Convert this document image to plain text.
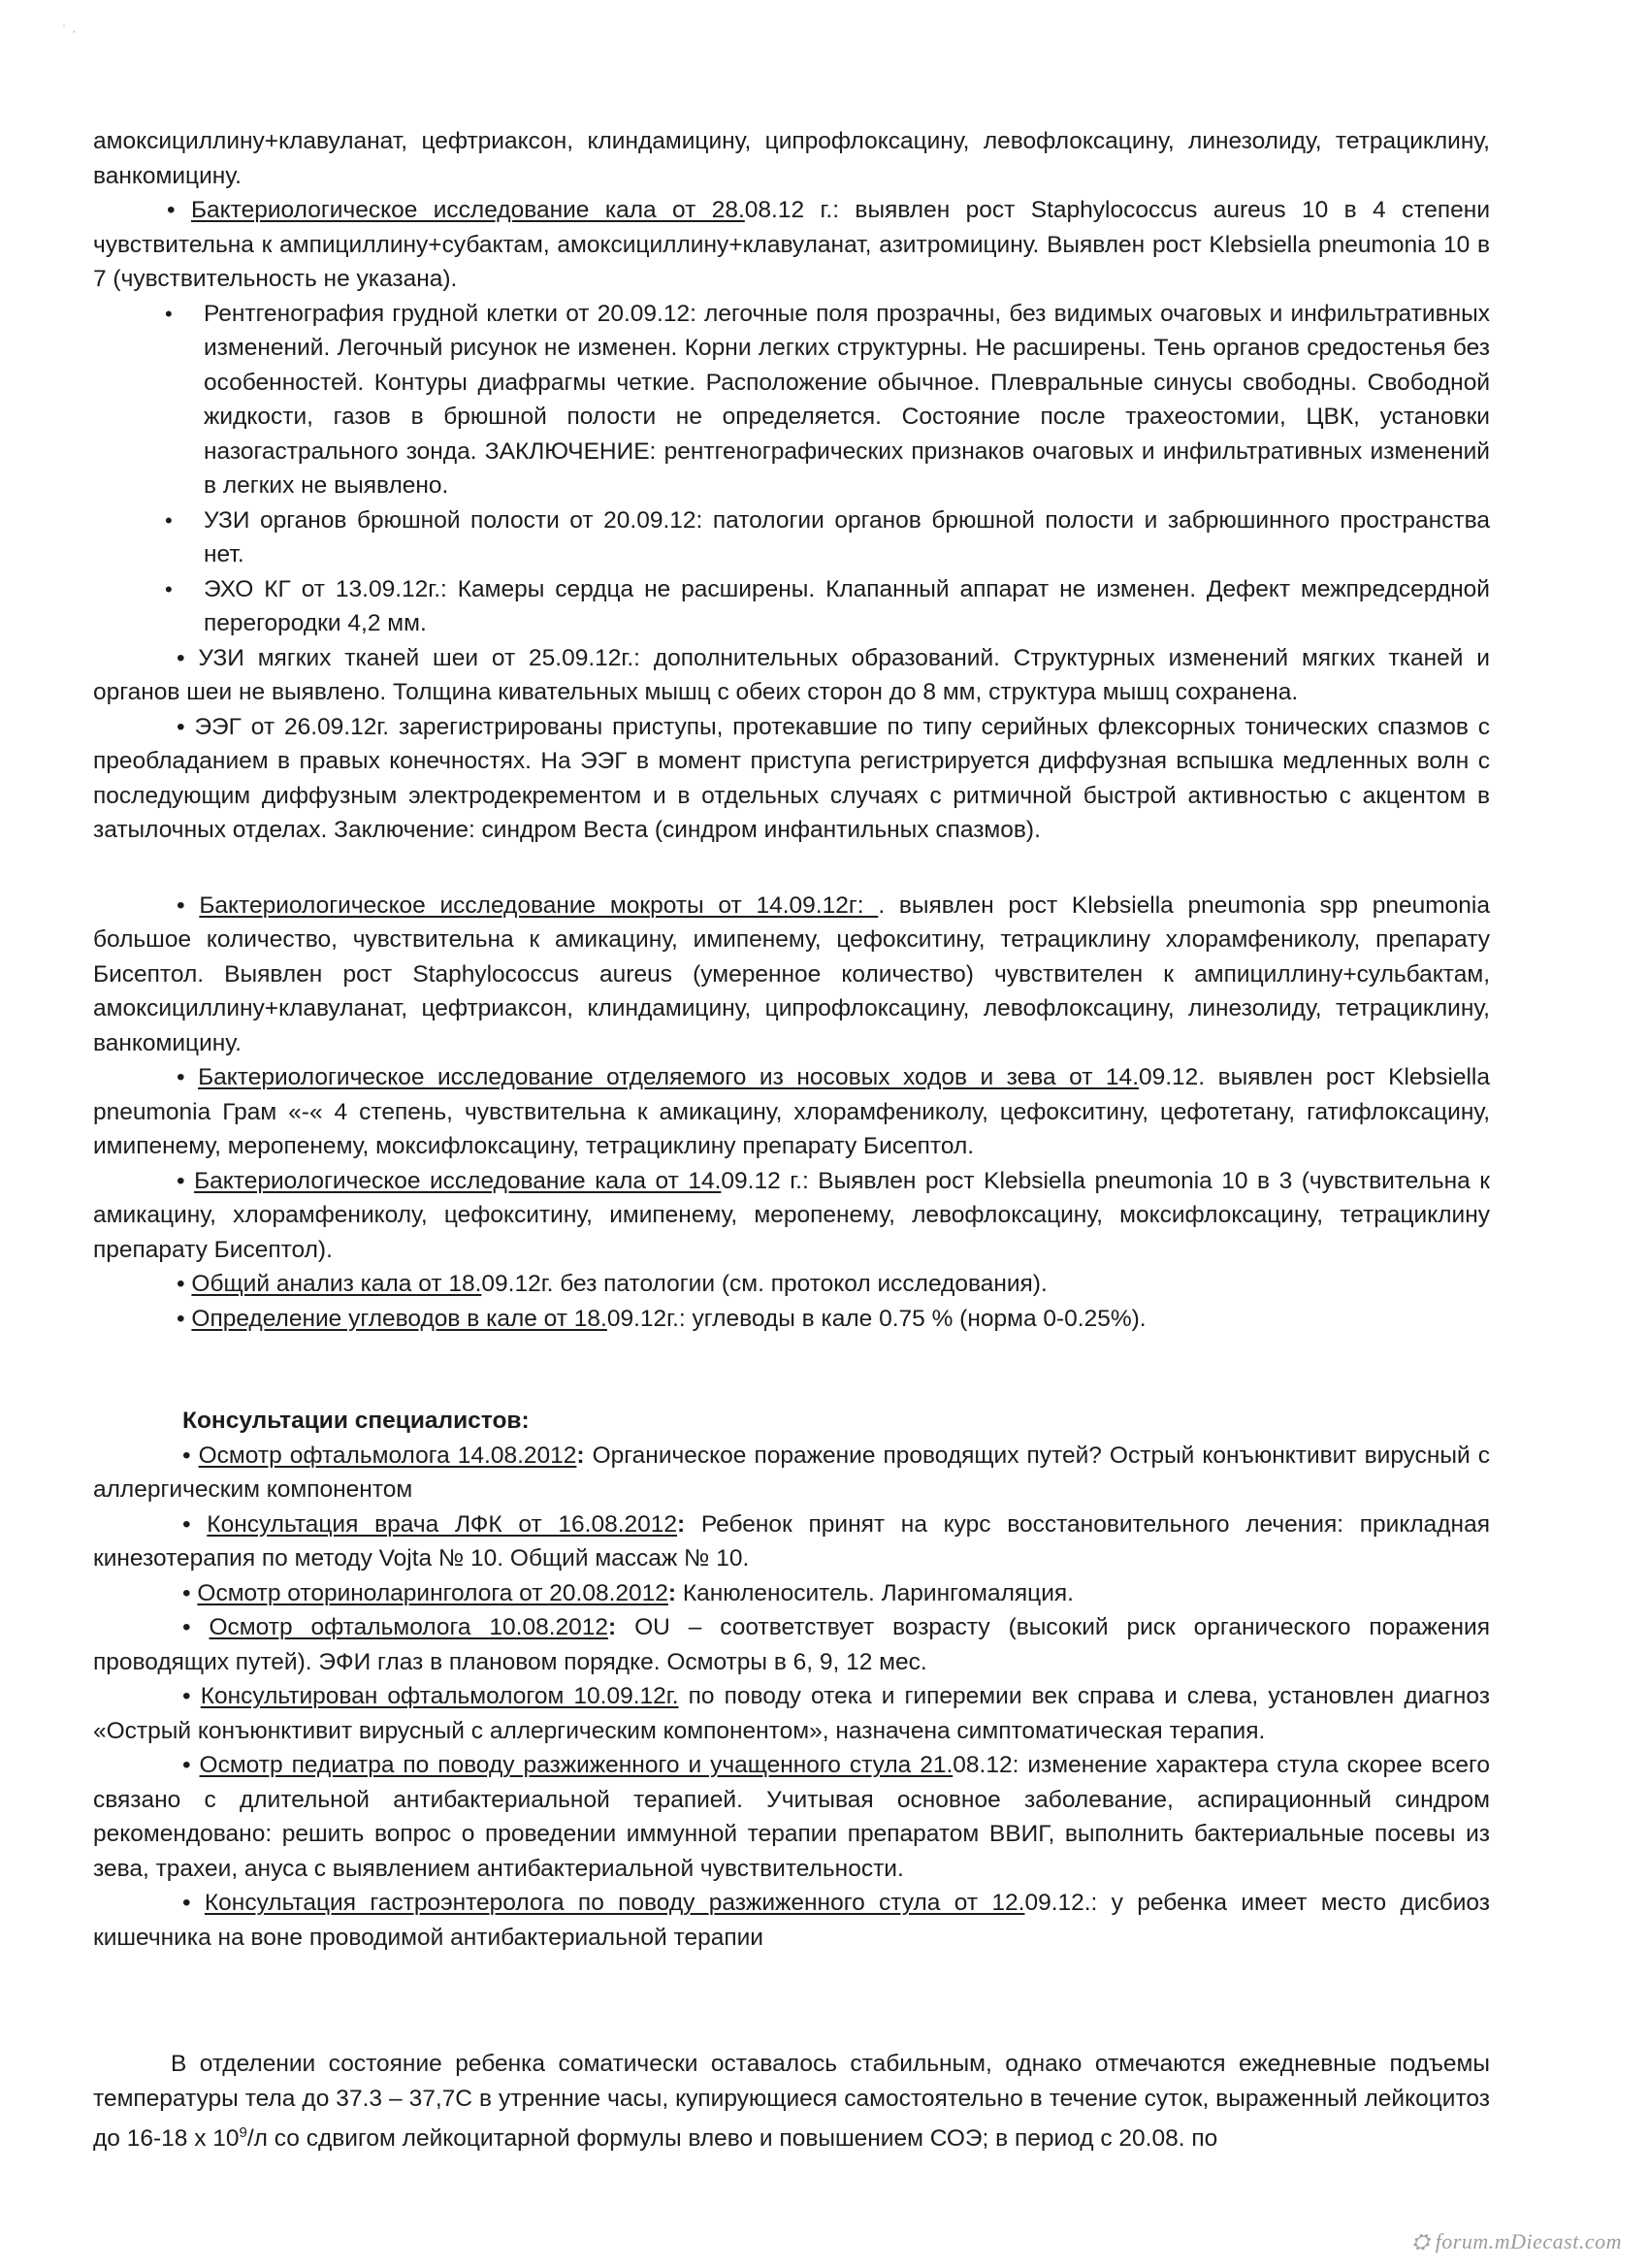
˙ ·

амоксициллину+клавуланат, цефтриаксон, клиндамицину, ципрофлоксацину, левофлоксацину, линезолиду, тетрациклину, ванкомицину.

• Бактериологическое исследование кала от 28.08.12 г.: выявлен рост Staphylococcus aureus 10 в 4 степени чувствительна к ампициллину+субактам, амоксициллину+клавуланат, азитромицину. Выявлен рост Klebsiella pneumonia 10 в 7 (чувствительность не указана).

•	Рентгенография грудной клетки от 20.09.12: легочные поля прозрачны, без видимых очаговых и инфильтративных изменений. Легочный рисунок не изменен. Корни легких структурны. Не расширены. Тень органов средостенья без особенностей. Контуры диафрагмы четкие. Расположение обычное. Плевральные синусы свободны. Свободной жидкости, газов в брюшной полости не определяется. Состояние после трахеостомии, ЦВК, установки назогастрального зонда. ЗАКЛЮЧЕНИЕ: рентгенографических признаков очаговых и инфильтративных изменений в легких не выявлено.
•	УЗИ органов брюшной полости от 20.09.12: патологии органов брюшной полости и забрюшинного пространства нет.
•	ЭХО КГ от 13.09.12г.: Камеры сердца не расширены. Клапанный аппарат не изменен. Дефект межпредсердной перегородки 4,2 мм.

• УЗИ мягких тканей шеи от 25.09.12г.: дополнительных образований. Структурных изменений мягких тканей и органов шеи не выявлено. Толщина кивательных мышц с обеих сторон до 8 мм, структура мышц сохранена.

• ЭЭГ от 26.09.12г. зарегистрированы приступы, протекавшие по типу серийных флексорных тонических спазмов с преобладанием в правых конечностях. На ЭЭГ в момент приступа регистрируется диффузная вспышка медленных волн с последующим диффузным электродекрементом и в отдельных случаях с ритмичной быстрой активностью с акцентом в затылочных отделах. Заключение: синдром Веста (синдром инфантильных спазмов).

• Бактериологическое исследование мокроты от 14.09.12г: . выявлен рост Klebsiella pneumonia spp pneumonia большое количество, чувствительна к амикацину, имипенему, цефокситину, тетрациклину хлорамфениколу, препарату Бисептол. Выявлен рост Staphylococcus aureus (умеренное количество) чувствителен к ампициллину+сульбактам, амоксициллину+клавуланат, цефтриаксон, клиндамицину, ципрофлоксацину, левофлоксацину, линезолиду, тетрациклину, ванкомицину.

• Бактериологическое исследование отделяемого из носовых ходов и зева от 14.09.12. выявлен рост Klebsiella pneumonia Грам «-« 4 степень, чувствительна к амикацину, хлорамфениколу, цефокситину, цефотетану, гатифлоксацину, имипенему, меропенему, моксифлоксацину, тетрациклину препарату Бисептол.

• Бактериологическое исследование кала от 14.09.12 г.: Выявлен рост Klebsiella pneumonia 10 в 3 (чувствительна к амикацину, хлорамфениколу, цефокситину, имипенему, меропенему, левофлоксацину, моксифлоксацину, тетрациклину препарату Бисептол).

• Общий анализ кала от 18.09.12г. без патологии (см. протокол исследования).

• Определение углеводов в кале от 18.09.12г.: углеводы в кале 0.75 % (норма 0-0.25%).

Консультации специалистов:

• Осмотр офтальмолога 14.08.2012: Органическое поражение проводящих путей? Острый конъюнктивит вирусный с аллергическим компонентом

• Консультация врача ЛФК от 16.08.2012: Ребенок принят на курс восстановительного лечения: прикладная кинезотерапия по методу Vojta № 10. Общий массаж № 10.

• Осмотр оториноларинголога от 20.08.2012: Канюленоситель. Ларингомаляция.

• Осмотр офтальмолога 10.08.2012: OU – соответствует возрасту (высокий риск органического поражения проводящих путей). ЭФИ глаз в плановом порядке. Осмотры в 6, 9, 12 мес.

• Консультирован офтальмологом 10.09.12г. по поводу отека и гиперемии век справа и слева, установлен диагноз «Острый конъюнктивит вирусный с аллергическим компонентом», назначена симптоматическая терапия.

• Осмотр педиатра по поводу разжиженного и учащенного стула 21.08.12: изменение характера стула скорее всего связано с длительной антибактериальной терапией. Учитывая основное заболевание, аспирационный синдром рекомендовано: решить вопрос о проведении иммунной терапии препаратом ВВИГ, выполнить бактериальные посевы из зева, трахеи, ануса с выявлением антибактериальной чувствительности.

• Консультация гастроэнтеролога по поводу разжиженного стула от 12.09.12.: у ребенка имеет место дисбиоз кишечника на воне проводимой антибактериальной терапии

В отделении состояние ребенка соматически оставалось стабильным, однако отмечаются ежедневные подъемы температуры тела до 37.3 – 37,7С в утренние часы, купирующиеся самостоятельно в течение суток, выраженный лейкоцитоз до 16-18 х $10^9/л$ со сдвигом лейкоцитарной формулы влево и повышением СОЭ; в период с 20.08. по

⛭ forum.mDiecast.com
